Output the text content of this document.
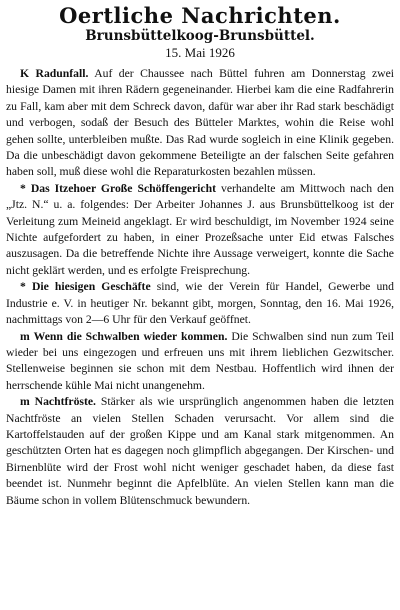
Oertliche Nachrichten.
Brunsbüttelkoog-Brunsbüttel.
15. Mai 1926

K Radunfall. Auf der Chaussee nach Büttel fuhren am Donnerstag zwei hiesige Damen mit ihren Rädern gegeneinander. Hierbei kam die eine Radfahrerin zu Fall, kam aber mit dem Schreck davon, dafür war aber ihr Rad stark beschädigt und verbogen, sodaß der Besuch des Bütteler Marktes, wohin die Reise wohl gehen sollte, unterbleiben mußte. Das Rad wurde sogleich in eine Klinik gegeben. Da die unbeschädigt davon gekommene Beteiligte an der falschen Seite gefahren haben soll, muß diese wohl die Reparaturkosten bezahlen müssen.

* Das Itzehoer Große Schöffengericht verhandelte am Mittwoch nach den „Jtz. N.“ u. a. folgendes: Der Arbeiter Johannes J. aus Brunsbüttelkoog ist der Verleitung zum Meineid angeklagt. Er wird beschuldigt, im November 1924 seine Nichte aufgefordert zu haben, in einer Prozeßsache unter Eid etwas Falsches auszusagen. Da die betreffende Nichte ihre Aussage verweigert, konnte die Sache nicht geklärt werden, und es erfolgte Freisprechung.

* Die hiesigen Geschäfte sind, wie der Verein für Handel, Gewerbe und Industrie e. V. in heutiger Nr. bekannt gibt, morgen, Sonntag, den 16. Mai 1926, nachmittags von 2—6 Uhr für den Verkauf geöffnet.

m Wenn die Schwalben wieder kommen. Die Schwalben sind nun zum Teil wieder bei uns eingezogen und erfreuen uns mit ihrem lieblichen Gezwitscher. Stellenweise beginnen sie schon mit dem Nestbau. Hoffentlich wird ihnen der herrschende kühle Mai nicht unangenehm.

m Nachtfröste. Stärker als wie ursprünglich angenommen haben die letzten Nachtfröste an vielen Stellen Schaden verursacht. Vor allem sind die Kartoffelstauden auf der großen Kippe und am Kanal stark mitgenommen. An geschützten Orten hat es dagegen noch glimpflich abgegangen. Der Kirschen- und Birnenblüte wird der Frost wohl nicht weniger geschadet haben, da diese fast beendet ist. Nunmehr beginnt die Apfelblüte. An vielen Stellen kann man die Bäume schon in vollem Blütenschmuck bewundern.
